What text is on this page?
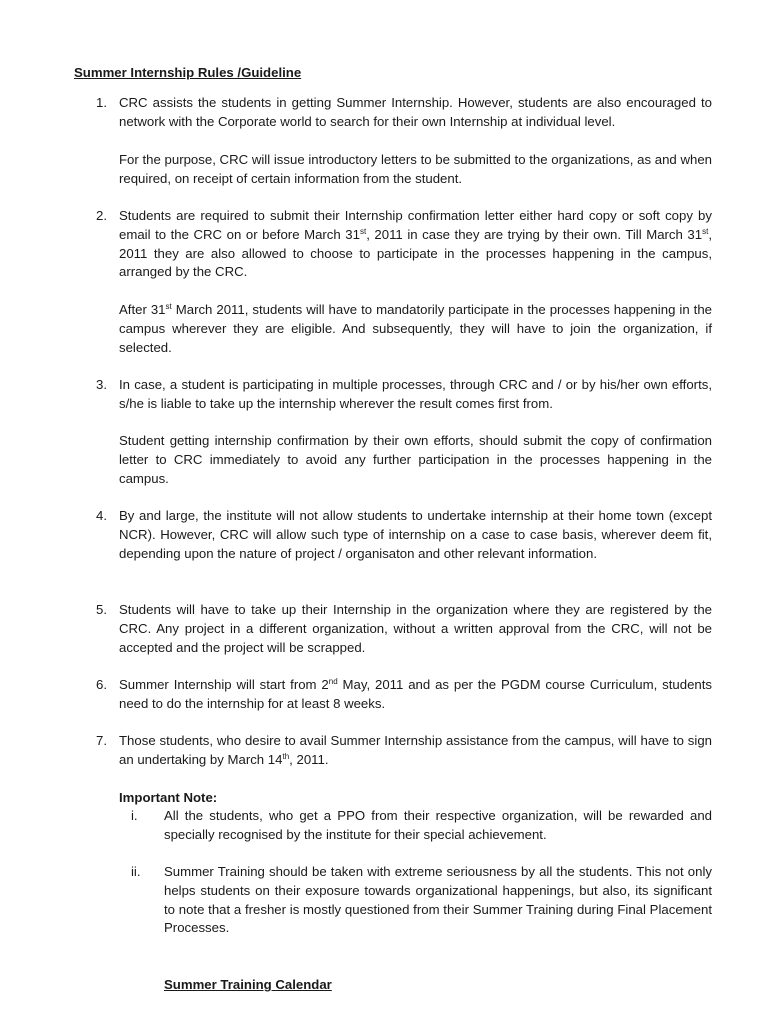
Summer Internship Rules /Guideline
1. CRC assists the students in getting Summer Internship. However, students are also encouraged to network with the Corporate world to search for their own Internship at individual level.
For the purpose, CRC will issue introductory letters to be submitted to the organizations, as and when required, on receipt of certain information from the student.
2. Students are required to submit their Internship confirmation letter either hard copy or soft copy by email to the CRC on or before March 31st, 2011 in case they are trying by their own. Till March 31st, 2011 they are also allowed to choose to participate in the processes happening in the campus, arranged by the CRC.
After 31st March 2011, students will have to mandatorily participate in the processes happening in the campus wherever they are eligible. And subsequently, they will have to join the organization, if selected.
3. In case, a student is participating in multiple processes, through CRC and / or by his/her own efforts, s/he is liable to take up the internship wherever the result comes first from.
Student getting internship confirmation by their own efforts, should submit the copy of confirmation letter to CRC immediately to avoid any further participation in the processes happening in the campus.
4. By and large, the institute will not allow students to undertake internship at their home town (except NCR). However, CRC will allow such type of internship on a case to case basis, wherever deem fit, depending upon the nature of project / organisaton and other relevant information.
5. Students will have to take up their Internship in the organization where they are registered by the CRC. Any project in a different organization, without a written approval from the CRC, will not be accepted and the project will be scrapped.
6. Summer Internship will start from 2nd May, 2011 and as per the PGDM course Curriculum, students need to do the internship for at least 8 weeks.
7. Those students, who desire to avail Summer Internship assistance from the campus, will have to sign an undertaking by March 14th, 2011.
Important Note:
i. All the students, who get a PPO from their respective organization, will be rewarded and specially recognised by the institute for their special achievement.
ii. Summer Training should be taken with extreme seriousness by all the students. This not only helps students on their exposure towards organizational happenings, but also, its significant to note that a fresher is mostly questioned from their Summer Training during Final Placement Processes.
Summer Training Calendar
